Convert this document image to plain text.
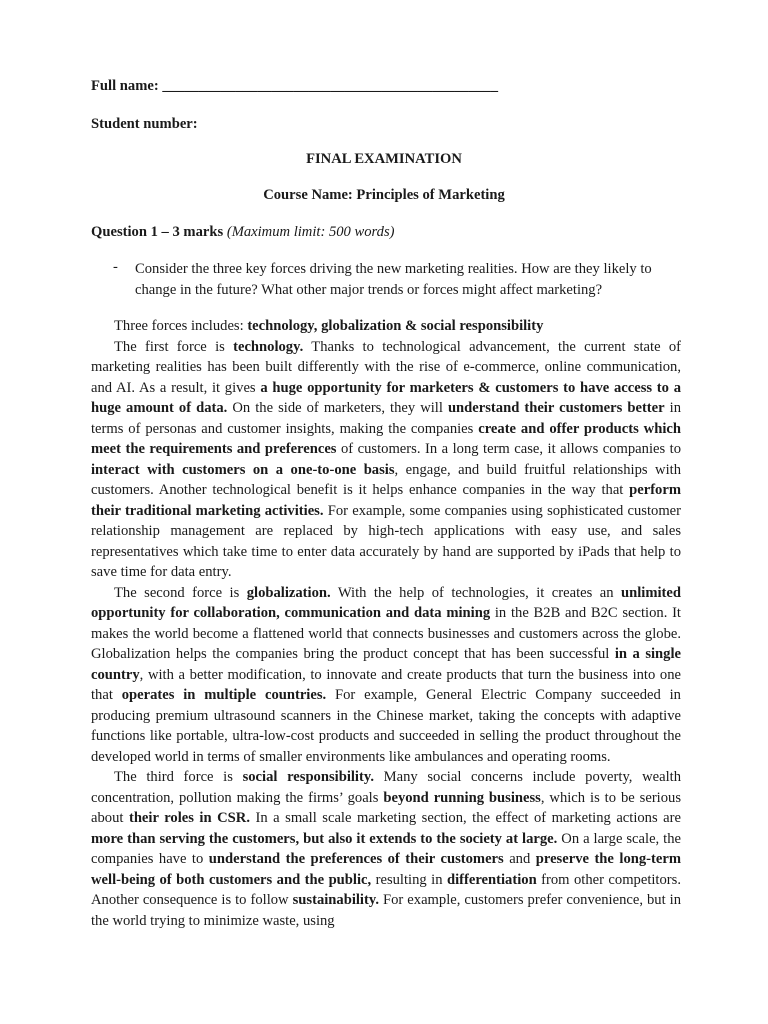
Full name: ______________________________________________
Student number:
FINAL EXAMINATION
Course Name: Principles of Marketing
Question 1 – 3 marks (Maximum limit: 500 words)
- Consider the three key forces driving the new marketing realities. How are they likely to change in the future? What other major trends or forces might affect marketing?

Three forces includes: technology, globalization & social responsibility

The first force is technology. Thanks to technological advancement, the current state of marketing realities has been built differently with the rise of e-commerce, online communication, and AI. As a result, it gives a huge opportunity for marketers & customers to have access to a huge amount of data. On the side of marketers, they will understand their customers better in terms of personas and customer insights, making the companies create and offer products which meet the requirements and preferences of customers. In a long term case, it allows companies to interact with customers on a one-to-one basis, engage, and build fruitful relationships with customers. Another technological benefit is it helps enhance companies in the way that perform their traditional marketing activities. For example, some companies using sophisticated customer relationship management are replaced by high-tech applications with easy use, and sales representatives which take time to enter data accurately by hand are supported by iPads that help to save time for data entry.

The second force is globalization. With the help of technologies, it creates an unlimited opportunity for collaboration, communication and data mining in the B2B and B2C section. It makes the world become a flattened world that connects businesses and customers across the globe. Globalization helps the companies bring the product concept that has been successful in a single country, with a better modification, to innovate and create products that turn the business into one that operates in multiple countries. For example, General Electric Company succeeded in producing premium ultrasound scanners in the Chinese market, taking the concepts with adaptive functions like portable, ultra-low-cost products and succeeded in selling the product throughout the developed world in terms of smaller environments like ambulances and operating rooms.

The third force is social responsibility. Many social concerns include poverty, wealth concentration, pollution making the firms’ goals beyond running business, which is to be serious about their roles in CSR. In a small scale marketing section, the effect of marketing actions are more than serving the customers, but also it extends to the society at large. On a large scale, the companies have to understand the preferences of their customers and preserve the long-term well-being of both customers and the public, resulting in differentiation from other competitors. Another consequence is to follow sustainability. For example, customers prefer convenience, but in the world trying to minimize waste, using
